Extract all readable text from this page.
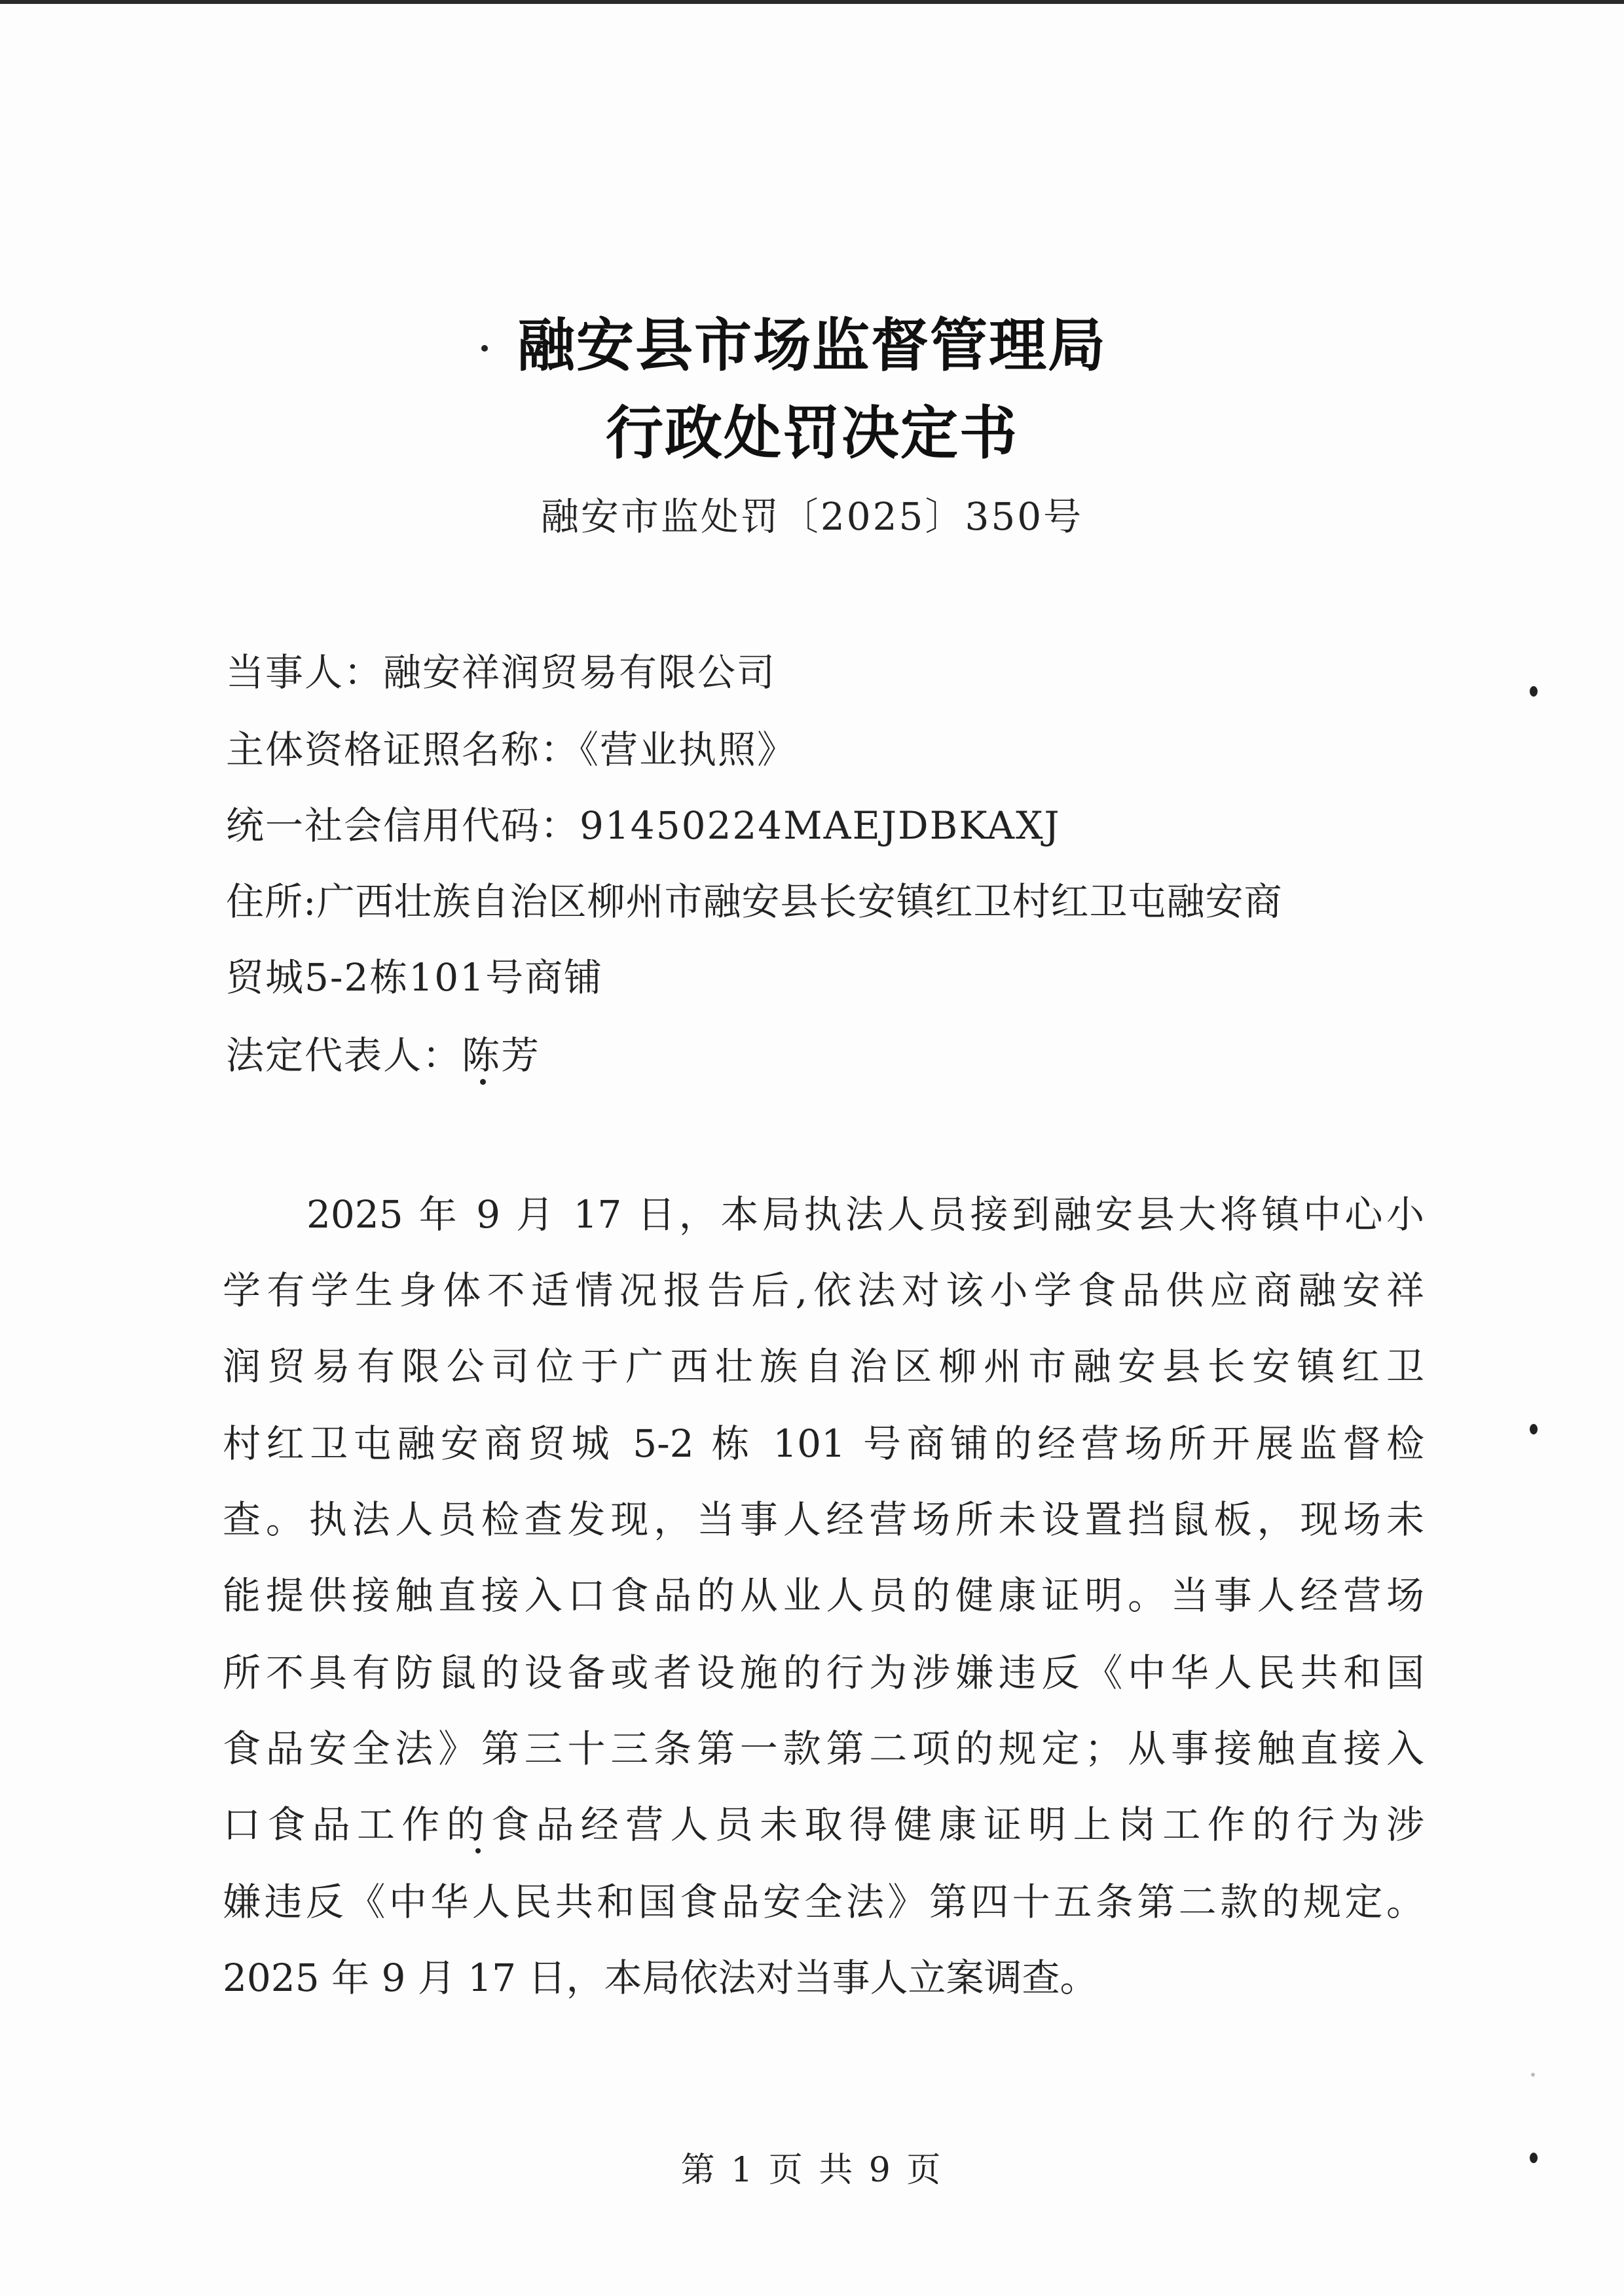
融安县市场监督管理局
行政处罚决定书
融安市监处罚〔2025〕350号
当事人：融安祥润贸易有限公司
主体资格证照名称：《营业执照》
统一社会信用代码：91450224MAEJDBKAXJ
住所:广西壮族自治区柳州市融安县长安镇红卫村红卫屯融安商
贸城5-2栋101号商铺
法定代表人：陈芳
2025 年 9 月 17 日，本局执法人员接到融安县大将镇中心小
学有学生身体不适情况报告后,依法对该小学食品供应商融安祥
润贸易有限公司位于广西壮族自治区柳州市融安县长安镇红卫
村红卫屯融安商贸城 5-2 栋 101 号商铺的经营场所开展监督检
查。执法人员检查发现，当事人经营场所未设置挡鼠板，现场未
能提供接触直接入口食品的从业人员的健康证明。当事人经营场
所不具有防鼠的设备或者设施的行为涉嫌违反《中华人民共和国
食品安全法》第三十三条第一款第二项的规定；从事接触直接入
口食品工作的食品经营人员未取得健康证明上岗工作的行为涉
嫌违反《中华人民共和国食品安全法》第四十五条第二款的规定。
2025 年 9 月 17 日，本局依法对当事人立案调查。
第 1 页 共 9 页
